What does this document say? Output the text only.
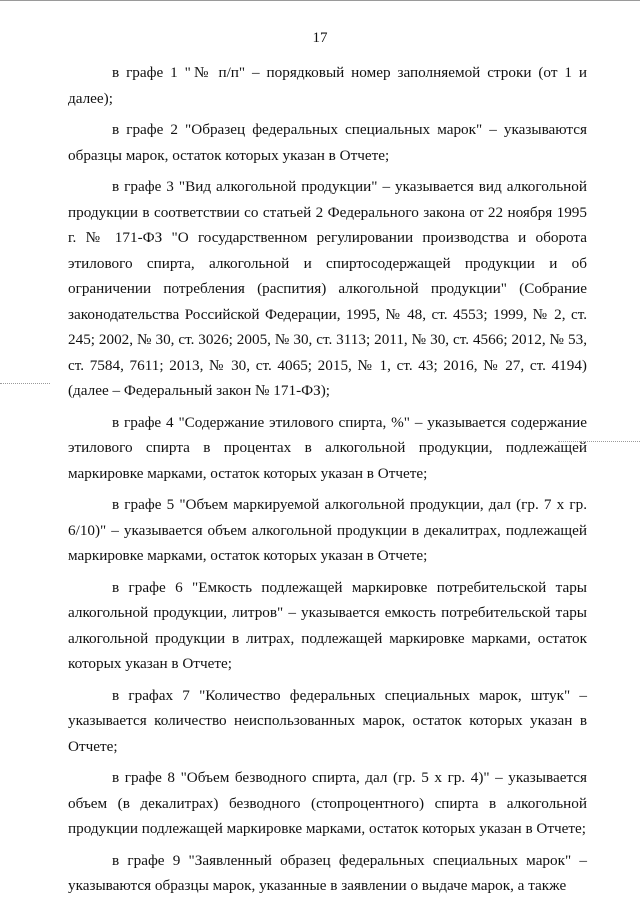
17

в графе 1 "№ п/п" – порядковый номер заполняемой строки (от 1 и далее);

в графе 2 "Образец федеральных специальных марок" – указываются образцы марок, остаток которых указан в Отчете;

в графе 3 "Вид алкогольной продукции" – указывается вид алкогольной продукции в соответствии со статьей 2 Федерального закона от 22 ноября 1995 г. № 171-ФЗ "О государственном регулировании производства и оборота этилового спирта, алкогольной и спиртосодержащей продукции и об ограничении потребления (распития) алкогольной продукции" (Собрание законодательства Российской Федерации, 1995, № 48, ст. 4553; 1999, № 2, ст. 245; 2002, № 30, ст. 3026; 2005, № 30, ст. 3113; 2011, № 30, ст. 4566; 2012, № 53, ст. 7584, 7611; 2013, № 30, ст. 4065; 2015, № 1, ст. 43; 2016, № 27, ст. 4194) (далее – Федеральный закон № 171-ФЗ);

в графе 4 "Содержание этилового спирта, %" – указывается содержание этилового спирта в процентах в алкогольной продукции, подлежащей маркировке марками, остаток которых указан в Отчете;

в графе 5 "Объем маркируемой алкогольной продукции, дал (гр. 7 x гр. 6/10)" – указывается объем алкогольной продукции в декалитрах, подлежащей маркировке марками, остаток которых указан в Отчете;

в графе 6 "Емкость подлежащей маркировке потребительской тары алкогольной продукции, литров" – указывается емкость потребительской тары алкогольной продукции в литрах, подлежащей маркировке марками, остаток которых указан в Отчете;

в графах 7 "Количество федеральных специальных марок, штук" – указывается количество неиспользованных марок, остаток которых указан в Отчете;

в графе 8 "Объем безводного спирта, дал (гр. 5 x гр. 4)" – указывается объем (в декалитрах) безводного (стопроцентного) спирта в алкогольной продукции подлежащей маркировке марками, остаток которых указан в Отчете;

в графе 9 "Заявленный образец федеральных специальных марок" – указываются образцы марок, указанные в заявлении о выдаче марок, а также
